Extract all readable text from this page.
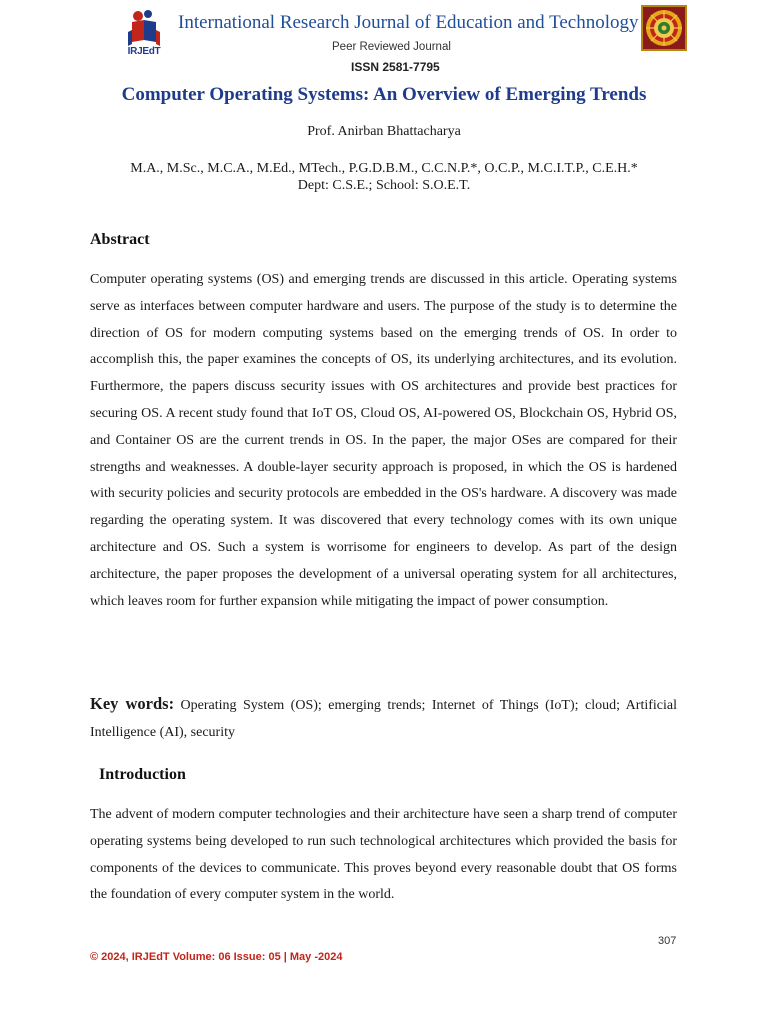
IRJEdT
International Research Journal of Education and Technology
Peer Reviewed Journal
ISSN 2581-7795
Computer Operating Systems: An Overview of Emerging Trends
Prof. Anirban Bhattacharya
M.A., M.Sc., M.C.A., M.Ed., MTech., P.G.D.B.M., C.C.N.P.*, O.C.P., M.C.I.T.P., C.E.H.*
Dept: C.S.E.; School: S.O.E.T.
Abstract
Computer operating systems (OS) and emerging trends are discussed in this article. Operating systems serve as interfaces between computer hardware and users. The purpose of the study is to determine the direction of OS for modern computing systems based on the emerging trends of OS. In order to accomplish this, the paper examines the concepts of OS, its underlying architectures, and its evolution. Furthermore, the papers discuss security issues with OS architectures and provide best practices for securing OS. A recent study found that IoT OS, Cloud OS, AI-powered OS, Blockchain OS, Hybrid OS, and Container OS are the current trends in OS. In the paper, the major OSes are compared for their strengths and weaknesses. A double-layer security approach is proposed, in which the OS is hardened with security policies and security protocols are embedded in the OS's hardware. A discovery was made regarding the operating system. It was discovered that every technology comes with its own unique architecture and OS. Such a system is worrisome for engineers to develop. As part of the design architecture, the paper proposes the development of a universal operating system for all architectures, which leaves room for further expansion while mitigating the impact of power consumption.
Key words: Operating System (OS); emerging trends; Internet of Things (IoT); cloud; Artificial Intelligence (AI), security
Introduction
The advent of modern computer technologies and their architecture have seen a sharp trend of computer operating systems being developed to run such technological architectures which provided the basis for components of the devices to communicate. This proves beyond every reasonable doubt that OS forms the foundation of every computer system in the world.
307
© 2024, IRJEdT Volume: 06 Issue: 05 | May -2024
